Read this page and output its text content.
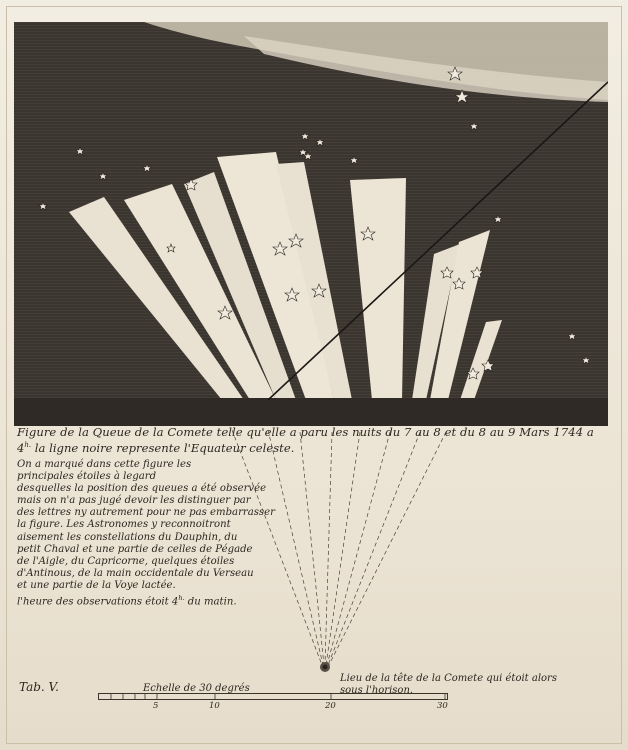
Figure de la Queue de la Comete telle qu'elle a paru les nuits du 7 au 8 et du 8 au 9 Mars 1744 a
$4^{h.}$ la ligne noire represente l'Equateur celeste.
On a marqué dans cette figure les
principales étoiles à legard
desquelles la position des queues a été observée
mais on n'a pas jugé devoir les distinguer par
des lettres ny autrement pour ne pas embarrasser
la figure. Les Astronomes y reconnoitront
aisement les constellations du Dauphin, du
petit Chaval et une partie de celles de Pégade
de l'Aigle, du Capricorne, quelques étoiles
d'Antinous, de la main occidentale du Verseau
et une partie de la Voye lactée.
l'heure des observations étoit $4^{h.}$ du matin.
Lieu de la tête de la Comete qui étoit alors
sous l'horison.
Tab. V.	Echelle de 30 degrés
5	10	20	30
